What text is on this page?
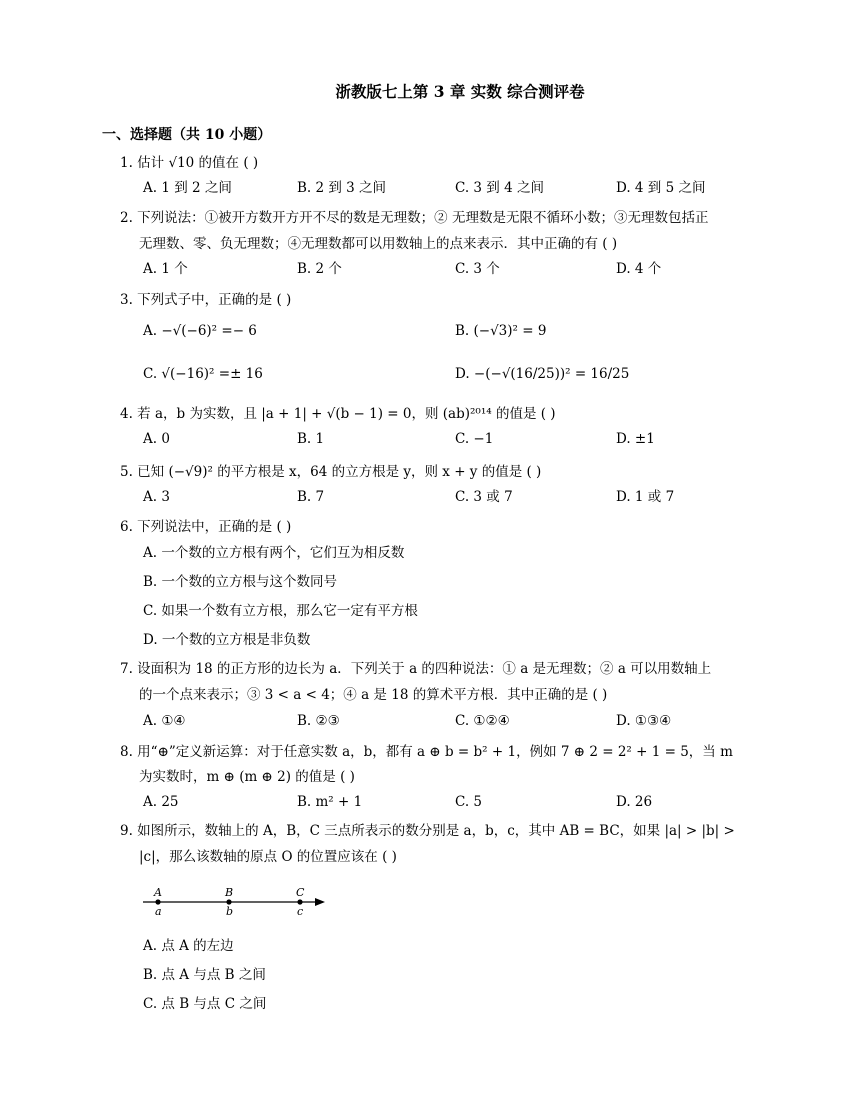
浙教版七上第 3 章 实数 综合测评卷
一、选择题（共 10 小题）
1. 估计 √10 的值在 ( )
A. 1 到 2 之间	B. 2 到 3 之间	C. 3 到 4 之间	D. 4 到 5 之间
2. 下列说法：①被开方数开方开不尽的数是无理数；② 无理数是无限不循环小数；③无理数包括正
无理数、零、负无理数；④无理数都可以用数轴上的点来表示．其中正确的有 ( )
A. 1 个	B. 2 个	C. 3 个	D. 4 个
3. 下列式子中，正确的是 ( )
A. −√(−6)² =− 6	B. (−√3)² = 9
C. √(−16)² =± 16	D. −(−√(16/25))² = 16/25
4. 若 a，b 为实数，且 |a + 1| + √(b − 1) = 0，则 (ab)²⁰¹⁴ 的值是 ( )
A. 0	B. 1	C. −1	D. ±1
5. 已知 (−√9)² 的平方根是 x，64 的立方根是 y，则 x + y 的值是 ( )
A. 3	B. 7	C. 3 或 7	D. 1 或 7
6. 下列说法中，正确的是 ( )
A. 一个数的立方根有两个，它们互为相反数
B. 一个数的立方根与这个数同号
C. 如果一个数有立方根，那么它一定有平方根
D. 一个数的立方根是非负数
7. 设面积为 18 的正方形的边长为 a．下列关于 a 的四种说法：① a 是无理数；② a 可以用数轴上
的一个点来表示；③ 3 < a < 4；④ a 是 18 的算术平方根．其中正确的是 ( )
A. ①④	B. ②③	C. ①②④	D. ①③④
8. 用“⊕”定义新运算：对于任意实数 a，b，都有 a ⊕ b = b² + 1，例如 7 ⊕ 2 = 2² + 1 = 5，当 m
为实数时，m ⊕ (m ⊕ 2) 的值是 ( )
A. 25	B. m² + 1	C. 5	D. 26
9. 如图所示，数轴上的 A，B，C 三点所表示的数分别是 a，b，c，其中 AB = BC，如果 |a| > |b| >
|c|，那么该数轴的原点 O 的位置应该在 ( )
A	B	C
a	b	c
A. 点 A 的左边
B. 点 A 与点 B 之间
C. 点 B 与点 C 之间
